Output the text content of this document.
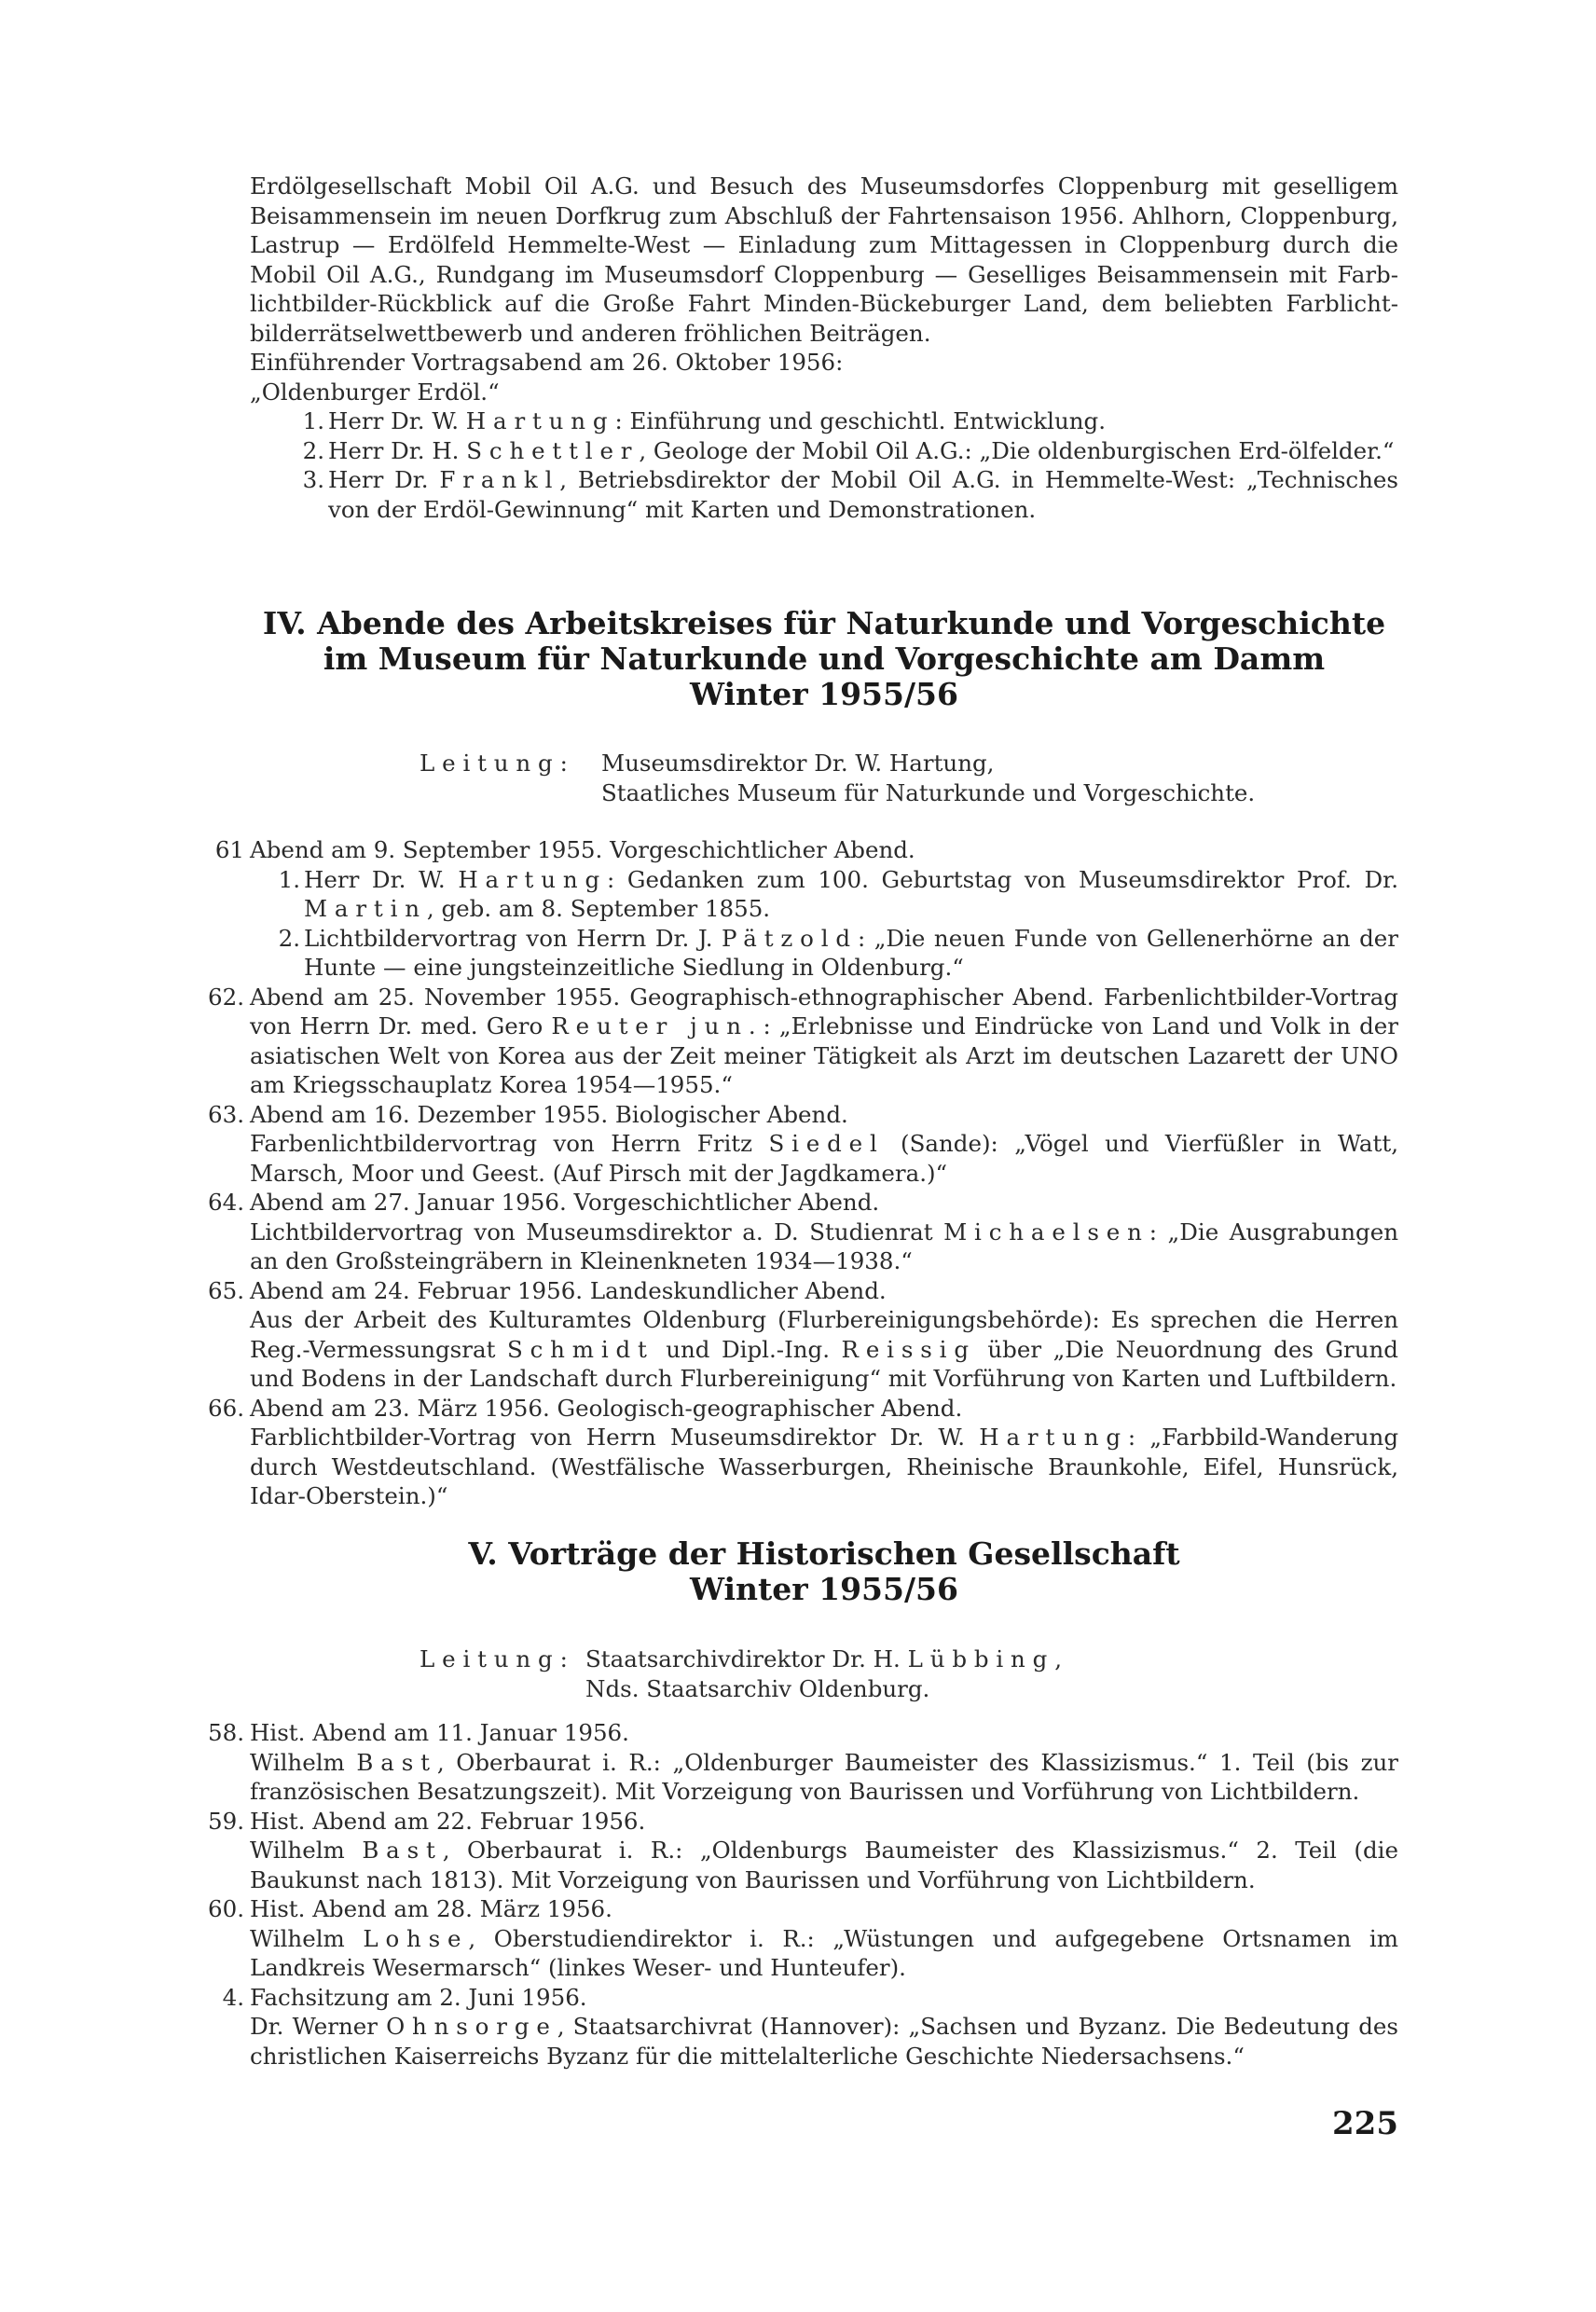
Erdölgesellschaft Mobil Oil A.G. und Besuch des Museumsdorfes Cloppenburg mit geselligem Beisammensein im neuen Dorfkrug zum Abschluß der Fahrtensaison 1956. Ahlhorn, Cloppenburg, Lastrup — Erdölfeld Hemmelte-West — Einladung zum Mittagessen in Cloppenburg durch die Mobil Oil A.G., Rundgang im Museumsdorf Cloppenburg — Geselliges Beisammensein mit Farb- lichtbilder-Rückblick auf die Große Fahrt Minden-Bückeburger Land, dem beliebten Farblicht- bilderrätselwettbewerb und anderen fröhlichen Beiträgen.

Einführender Vortragsabend am 26. Oktober 1956:

„Oldenburger Erdöl.“

1. Herr Dr. W. Hartung: Einführung und geschichtl. Entwicklung.
2. Herr Dr. H. Schettler, Geologe der Mobil Oil A.G.: „Die oldenburgischen Erd-ölfelder.“
3. Herr Dr. Frankl, Betriebsdirektor der Mobil Oil A.G. in Hemmelte-West: „Technisches von der Erdöl-Gewinnung“ mit Karten und Demonstrationen.
IV. Abende des Arbeitskreises für Naturkunde und Vorgeschichte
im Museum für Naturkunde und Vorgeschichte am Damm
Winter 1955/56
Leitung: Museumsdirektor Dr. W. Hartung,
Staatliches Museum für Naturkunde und Vorgeschichte.
61 Abend am 9. September 1955. Vorgeschichtlicher Abend.

1. Herr Dr. W. Hartung: Gedanken zum 100. Geburtstag von Museumsdirektor Prof. Dr. Martin, geb. am 8. September 1855.
2. Lichtbildervortrag von Herrn Dr. J. Pätzold: „Die neuen Funde von Gellenerhörne an der Hunte — eine jungsteinzeitliche Siedlung in Oldenburg.“
62. Abend am 25. November 1955. Geographisch-ethnographischer Abend. Farbenlichtbilder-Vortrag von Herrn Dr. med. Gero Reuter jun.: „Erlebnisse und Eindrücke von Land und Volk in der asiatischen Welt von Korea aus der Zeit meiner Tätigkeit als Arzt im deutschen Lazarett der UNO am Kriegsschauplatz Korea 1954—1955.“

63. Abend am 16. Dezember 1955. Biologischer Abend.

Farbenlichtbildervortrag von Herrn Fritz Siedel (Sande): „Vögel und Vierfüßler in Watt, Marsch, Moor und Geest. (Auf Pirsch mit der Jagdkamera.)“

64. Abend am 27. Januar 1956. Vorgeschichtlicher Abend.

Lichtbildervortrag von Museumsdirektor a. D. Studienrat Michaelsen: „Die Ausgrabungen an den Großsteingräbern in Kleinenkneten 1934—1938.“

65. Abend am 24. Februar 1956. Landeskundlicher Abend.

Aus der Arbeit des Kulturamtes Oldenburg (Flurbereinigungsbehörde): Es sprechen die Herren Reg.-Vermessungsrat Schmidt und Dipl.-Ing. Reissig über „Die Neuordnung des Grund und Bodens in der Landschaft durch Flurbereinigung“ mit Vorführung von Karten und Luftbildern.

66. Abend am 23. März 1956. Geologisch-geographischer Abend.

Farblichtbilder-Vortrag von Herrn Museumsdirektor Dr. W. Hartung: „Farbbild-Wanderung durch Westdeutschland. (Westfälische Wasserburgen, Rheinische Braunkohle, Eifel, Hunsrück, Idar-Oberstein.)“

V. Vorträge der Historischen Gesellschaft
Winter 1955/56
Leitung: Staatsarchivdirektor Dr. H. Lübbing,
Nds. Staatsarchiv Oldenburg.
58. Hist. Abend am 11. Januar 1956.

Wilhelm Bast, Oberbaurat i. R.: „Oldenburger Baumeister des Klassizismus.“ 1. Teil (bis zur französischen Besatzungszeit). Mit Vorzeigung von Baurissen und Vorführung von Lichtbildern.

59. Hist. Abend am 22. Februar 1956.

Wilhelm Bast, Oberbaurat i. R.: „Oldenburgs Baumeister des Klassizismus.“ 2. Teil (die Baukunst nach 1813). Mit Vorzeigung von Baurissen und Vorführung von Lichtbildern.

60. Hist. Abend am 28. März 1956.

Wilhelm Lohse, Oberstudiendirektor i. R.: „Wüstungen und aufgegebene Ortsnamen im Landkreis Wesermarsch“ (linkes Weser- und Hunteufer).

4. Fachsitzung am 2. Juni 1956.

Dr. Werner Ohnsorge, Staatsarchivrat (Hannover): „Sachsen und Byzanz. Die Bedeutung des christlichen Kaiserreichs Byzanz für die mittelalterliche Geschichte Niedersachsens.“

225
